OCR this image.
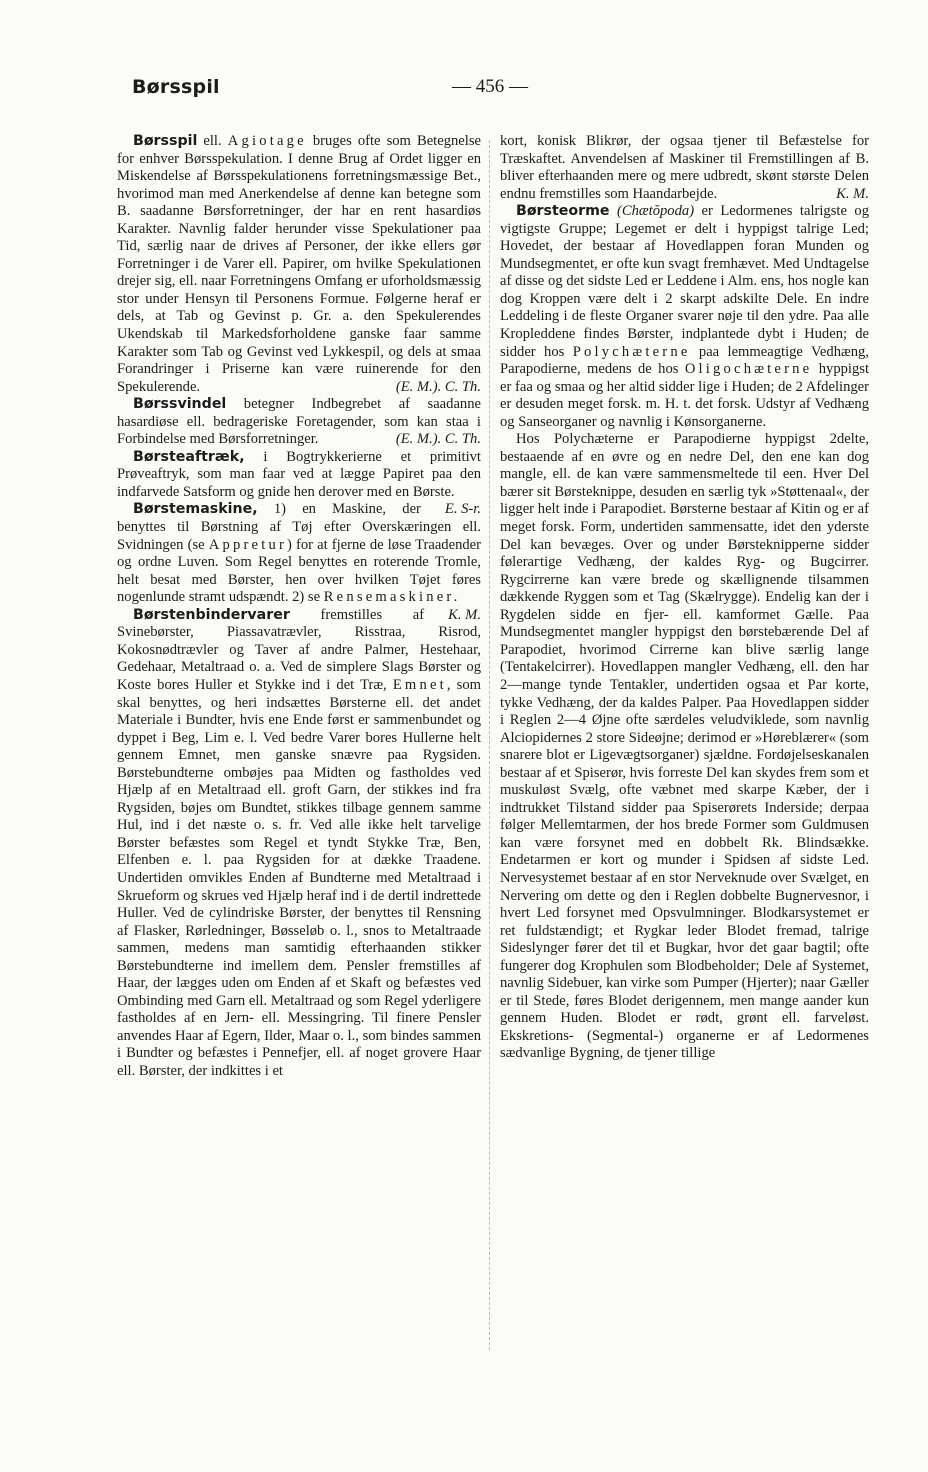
Børsspil	— 456 —

Børsspil ell. Agiotage bruges ofte som Betegnelse for enhver Børsspekulation. I denne Brug af Ordet ligger en Miskendelse af Børsspekulationens forretningsmæssige Bet., hvorimod man med Anerkendelse af denne kan betegne som B. saadanne Børsforretninger, der har en rent hasardiøs Karakter. Navnlig falder herunder visse Spekulationer paa Tid, særlig naar de drives af Personer, der ikke ellers gør Forretninger i de Varer ell. Papirer, om hvilke Spekulationen drejer sig, ell. naar Forretningens Omfang er uforholdsmæssig stor under Hensyn til Personens Formue. Følgerne heraf er dels, at Tab og Gevinst p. Gr. a. den Spekulerendes Ukendskab til Markedsforholdene ganske faar samme Karakter som Tab og Gevinst ved Lykkespil, og dels at smaa Forandringer i Priserne kan være ruinerende for den Spekulerende.	(E. M.). C. Th.

Børssvindel betegner Indbegrebet af saadanne hasardiøse ell. bedrageriske Foretagender, som kan staa i Forbindelse med Børsforretninger.	(E. M.). C. Th.

Børsteaftræk, i Bogtrykkerierne et primitivt Prøveaftryk, som man faar ved at lægge Papiret paa den indfarvede Satsform og gnide hen derover med en Børste.
E. S-r.

Børstemaskine, 1) en Maskine, der benyttes til Børstning af Tøj efter Overskæringen ell. Svidningen (se Appretur) for at fjerne de løse Traadender og ordne Luven. Som Regel benyttes en roterende Tromle, helt besat med Børster, hen over hvilken Tøjet føres nogenlunde stramt udspændt. 2) se Rensemaskiner.
K. M.

Børstenbindervarer fremstilles af Svinebørster, Piassavatrævler, Risstraa, Risrod, Kokosnødtrævler og Taver af andre Palmer, Hestehaar, Gedehaar, Metaltraad o. a. Ved de simplere Slags Børster og Koste bores Huller et Stykke ind i det Træ, Emnet, som skal benyttes, og heri indsættes Børsterne ell. det andet Materiale i Bundter, hvis ene Ende først er sammenbundet og dyppet i Beg, Lim e. l. Ved bedre Varer bores Hullerne helt gennem Emnet, men ganske snævre paa Rygsiden. Børstebundterne ombøjes paa Midten og fastholdes ved Hjælp af en Metaltraad ell. groft Garn, der stikkes ind fra Rygsiden, bøjes om Bundtet, stikkes tilbage gennem samme Hul, ind i det næste o. s. fr. Ved alle ikke helt tarvelige Børster befæstes som Regel et tyndt Stykke Træ, Ben, Elfenben e. l. paa Rygsiden for at dække Traadene. Undertiden omvikles Enden af Bundterne med Metaltraad i Skrueform og skrues ved Hjælp heraf ind i de dertil indrettede Huller. Ved de cylindriske Børster, der benyttes til Rensning af Flasker, Rørledninger, Bøsseløb o. l., snos to Metaltraade sammen, medens man samtidig efterhaanden stikker Børstebundterne ind imellem dem. Pensler fremstilles af Haar, der lægges uden om Enden af et Skaft og befæstes ved Ombinding med Garn ell. Metaltraad og som Regel yderligere fastholdes af en Jern- ell. Messingring. Til finere Pensler anvendes Haar af Egern, Ilder, Maar o. l., som bindes sammen i Bundter og befæstes i Pennefjer, ell. af noget grovere Haar ell. Børster, der indkittes i et

kort, konisk Blikrør, der ogsaa tjener til Befæstelse for Træskaftet. Anvendelsen af Maskiner til Fremstillingen af B. bliver efterhaanden mere og mere udbredt, skønt største Delen endnu fremstilles som Haandarbejde.	K. M.

Børsteorme (Chætŏpoda) er Ledormenes talrigste og vigtigste Gruppe; Legemet er delt i hyppigst talrige Led; Hovedet, der bestaar af Hovedlappen foran Munden og Mundsegmentet, er ofte kun svagt fremhævet. Med Undtagelse af disse og det sidste Led er Leddene i Alm. ens, hos nogle kan dog Kroppen være delt i 2 skarpt adskilte Dele. En indre Leddeling i de fleste Organer svarer nøje til den ydre. Paa alle Kropleddene findes Børster, indplantede dybt i Huden; de sidder hos Polychæterne paa lemmeagtige Vedhæng, Parapodierne, medens de hos Oligochæterne hyppigst er faa og smaa og her altid sidder lige i Huden; de 2 Afdelinger er desuden meget forsk. m. H. t. det forsk. Udstyr af Vedhæng og Sanseorganer og navnlig i Kønsorganerne.

Hos Polychæterne er Parapodierne hyppigst 2delte, bestaaende af en øvre og en nedre Del, den ene kan dog mangle, ell. de kan være sammensmeltede til een. Hver Del bærer sit Børsteknippe, desuden en særlig tyk »Støttenaal«, der ligger helt inde i Parapodiet. Børsterne bestaar af Kitin og er af meget forsk. Form, undertiden sammensatte, idet den yderste Del kan bevæges. Over og under Børsteknipperne sidder følerагtige Vedhæng, der kaldes Ryg- og Bugcirrer. Rygcirrerne kan være brede og skællignende tilsammen dækkende Ryggen som et Tag (Skælrygge). Endelig kan der i Rygdelen sidde en fjer- ell. kamformet Gælle. Paa Mundsegmentet mangler hyppigst den børstebærende Del af Parapodiet, hvorimod Cirrerne kan blive særlig lange (Tentakelcirrer). Hovedlappen mangler Vedhæng, ell. den har 2—mange tynde Tentakler, undertiden ogsaa et Par korte, tykke Vedhæng, der da kaldes Palper. Paa Hovedlappen sidder i Reglen 2—4 Øjne ofte særdeles veludviklede, som navnlig Alciopidernes 2 store Sideøjne; derimod er »Høreblærer« (som snarere blot er Ligevægtsorganer) sjældne. Fordøjelseskanalen bestaar af et Spiserør, hvis forreste Del kan skydes frem som et muskuløst Svælg, ofte væbnet med skarpe Kæber, der i indtrukket Tilstand sidder paa Spiserørets Inderside; derpaa følger Mellemtarmen, der hos brede Former som Guldmusen kan være forsynet med en dobbelt Rk. Blindsække. Endetarmen er kort og munder i Spidsen af sidste Led. Nervesystemet bestaar af en stor Nerveknude over Svælget, en Nervering om dette og den i Reglen dobbelte Bugnervesnor, i hvert Led forsynet med Opsvulmninger. Blodkarsystemet er ret fuldstændigt; et Rygkar leder Blodet fremad, talrige Sideslynger fører det til et Bugkar, hvor det gaar bagtil; ofte fungerer dog Krophulen som Blodbeholder; Dele af Systemet, navnlig Sidebuer, kan virke som Pumper (Hjerter); naar Gæller er til Stede, føres Blodet derigennem, men mange aander kun gennem Huden. Blodet er rødt, grønt ell. farveløst. Ekskretions- (Segmental-) organerne er af Ledormenes sædvanlige Bygning, de tjener tillige
